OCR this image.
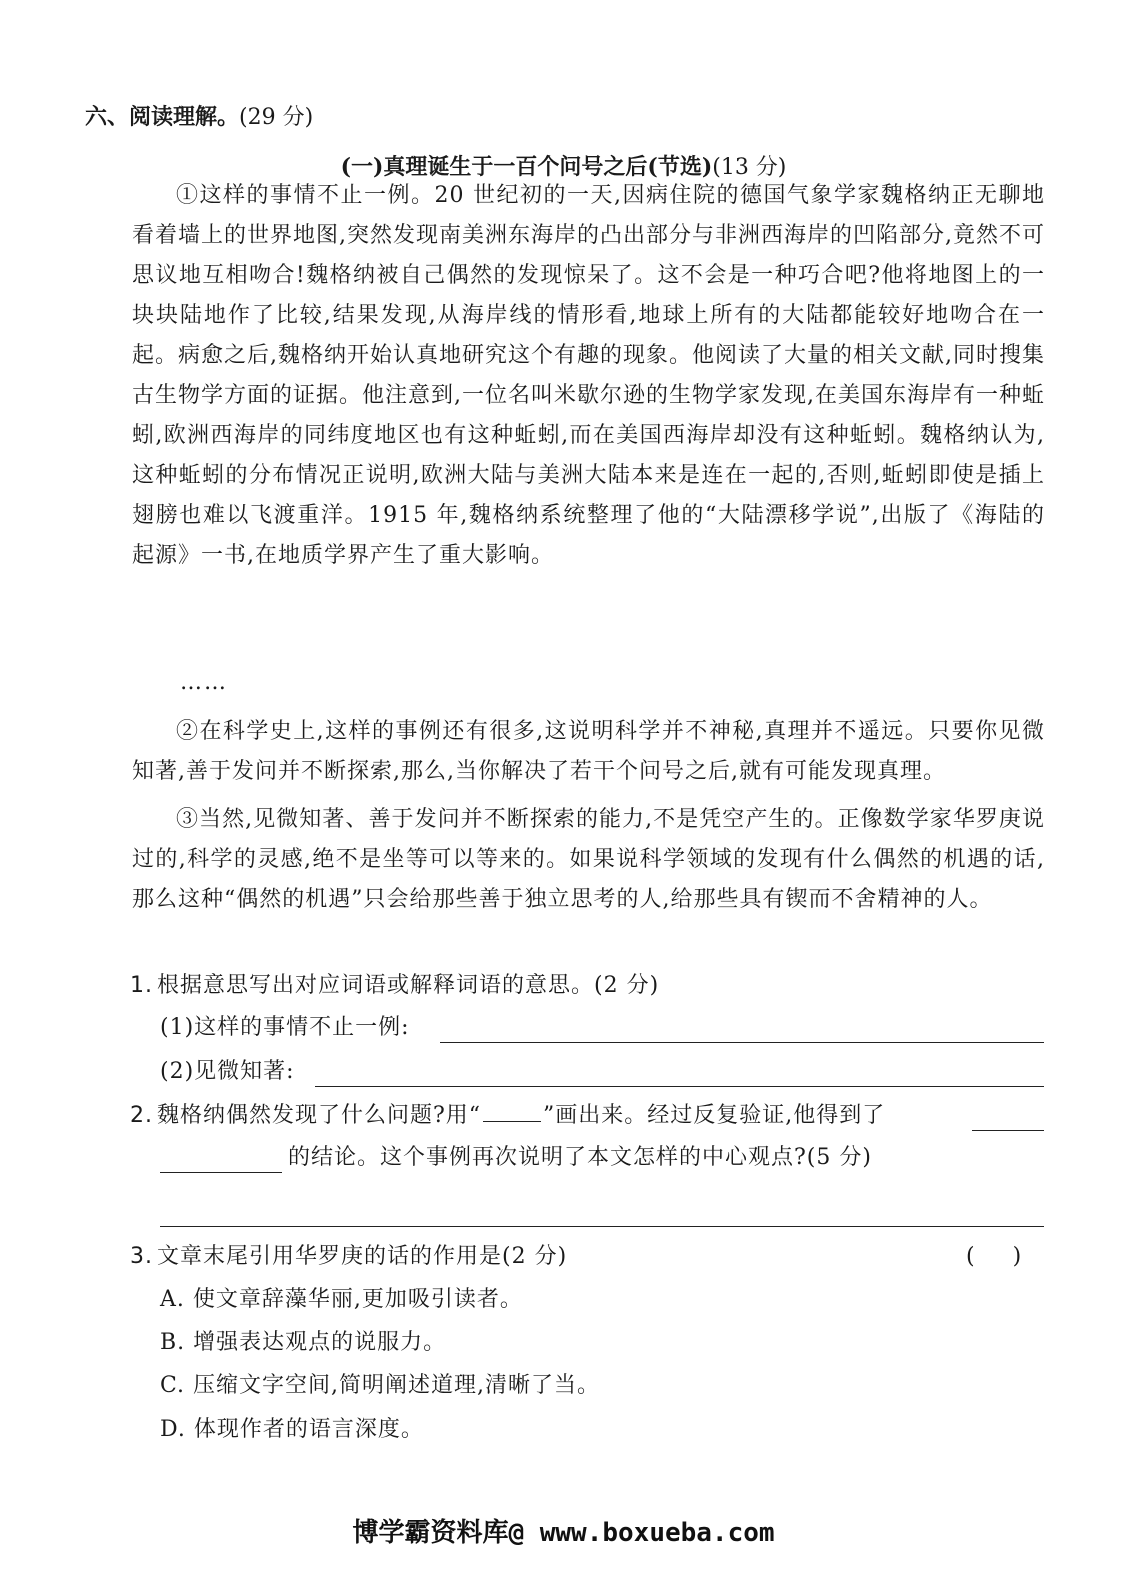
六、阅读理解。(29 分)
(一)真理诞生于一百个问号之后(节选)(13 分)
①这样的事情不止一例。20 世纪初的一天,因病住院的德国气象学家魏格纳正无聊地看着墙上的世界地图,突然发现南美洲东海岸的凸出部分与非洲西海岸的凹陷部分,竟然不可思议地互相吻合!魏格纳被自己偶然的发现惊呆了。这不会是一种巧合吧?他将地图上的一块块陆地作了比较,结果发现,从海岸线的情形看,地球上所有的大陆都能较好地吻合在一起。病愈之后,魏格纳开始认真地研究这个有趣的现象。他阅读了大量的相关文献,同时搜集古生物学方面的证据。他注意到,一位名叫米歇尔逊的生物学家发现,在美国东海岸有一种蚯蚓,欧洲西海岸的同纬度地区也有这种蚯蚓,而在美国西海岸却没有这种蚯蚓。魏格纳认为,这种蚯蚓的分布情况正说明,欧洲大陆与美洲大陆本来是连在一起的,否则,蚯蚓即使是插上翅膀也难以飞渡重洋。1915 年,魏格纳系统整理了他的“大陆漂移学说”,出版了《海陆的起源》一书,在地质学界产生了重大影响。
……
②在科学史上,这样的事例还有很多,这说明科学并不神秘,真理并不遥远。只要你见微知著,善于发问并不断探索,那么,当你解决了若干个问号之后,就有可能发现真理。
③当然,见微知著、善于发问并不断探索的能力,不是凭空产生的。正像数学家华罗庚说过的,科学的灵感,绝不是坐等可以等来的。如果说科学领域的发现有什么偶然的机遇的话,那么这种“偶然的机遇”只会给那些善于独立思考的人,给那些具有锲而不舍精神的人。
1. 根据意思写出对应词语或解释词语的意思。(2 分)
(1)这样的事情不止一例:
(2)见微知著:
2. 魏格纳偶然发现了什么问题?用“	”画出来。经过反复验证,他得到了
的结论。这个事例再次说明了本文怎样的中心观点?(5 分)
3. 文章末尾引用华罗庚的话的作用是(2 分)	()
A. 使文章辞藻华丽,更加吸引读者。
B. 增强表达观点的说服力。
C. 压缩文字空间,简明阐述道理,清晰了当。
D. 体现作者的语言深度。
博学霸资料库@ www.boxueba.com
